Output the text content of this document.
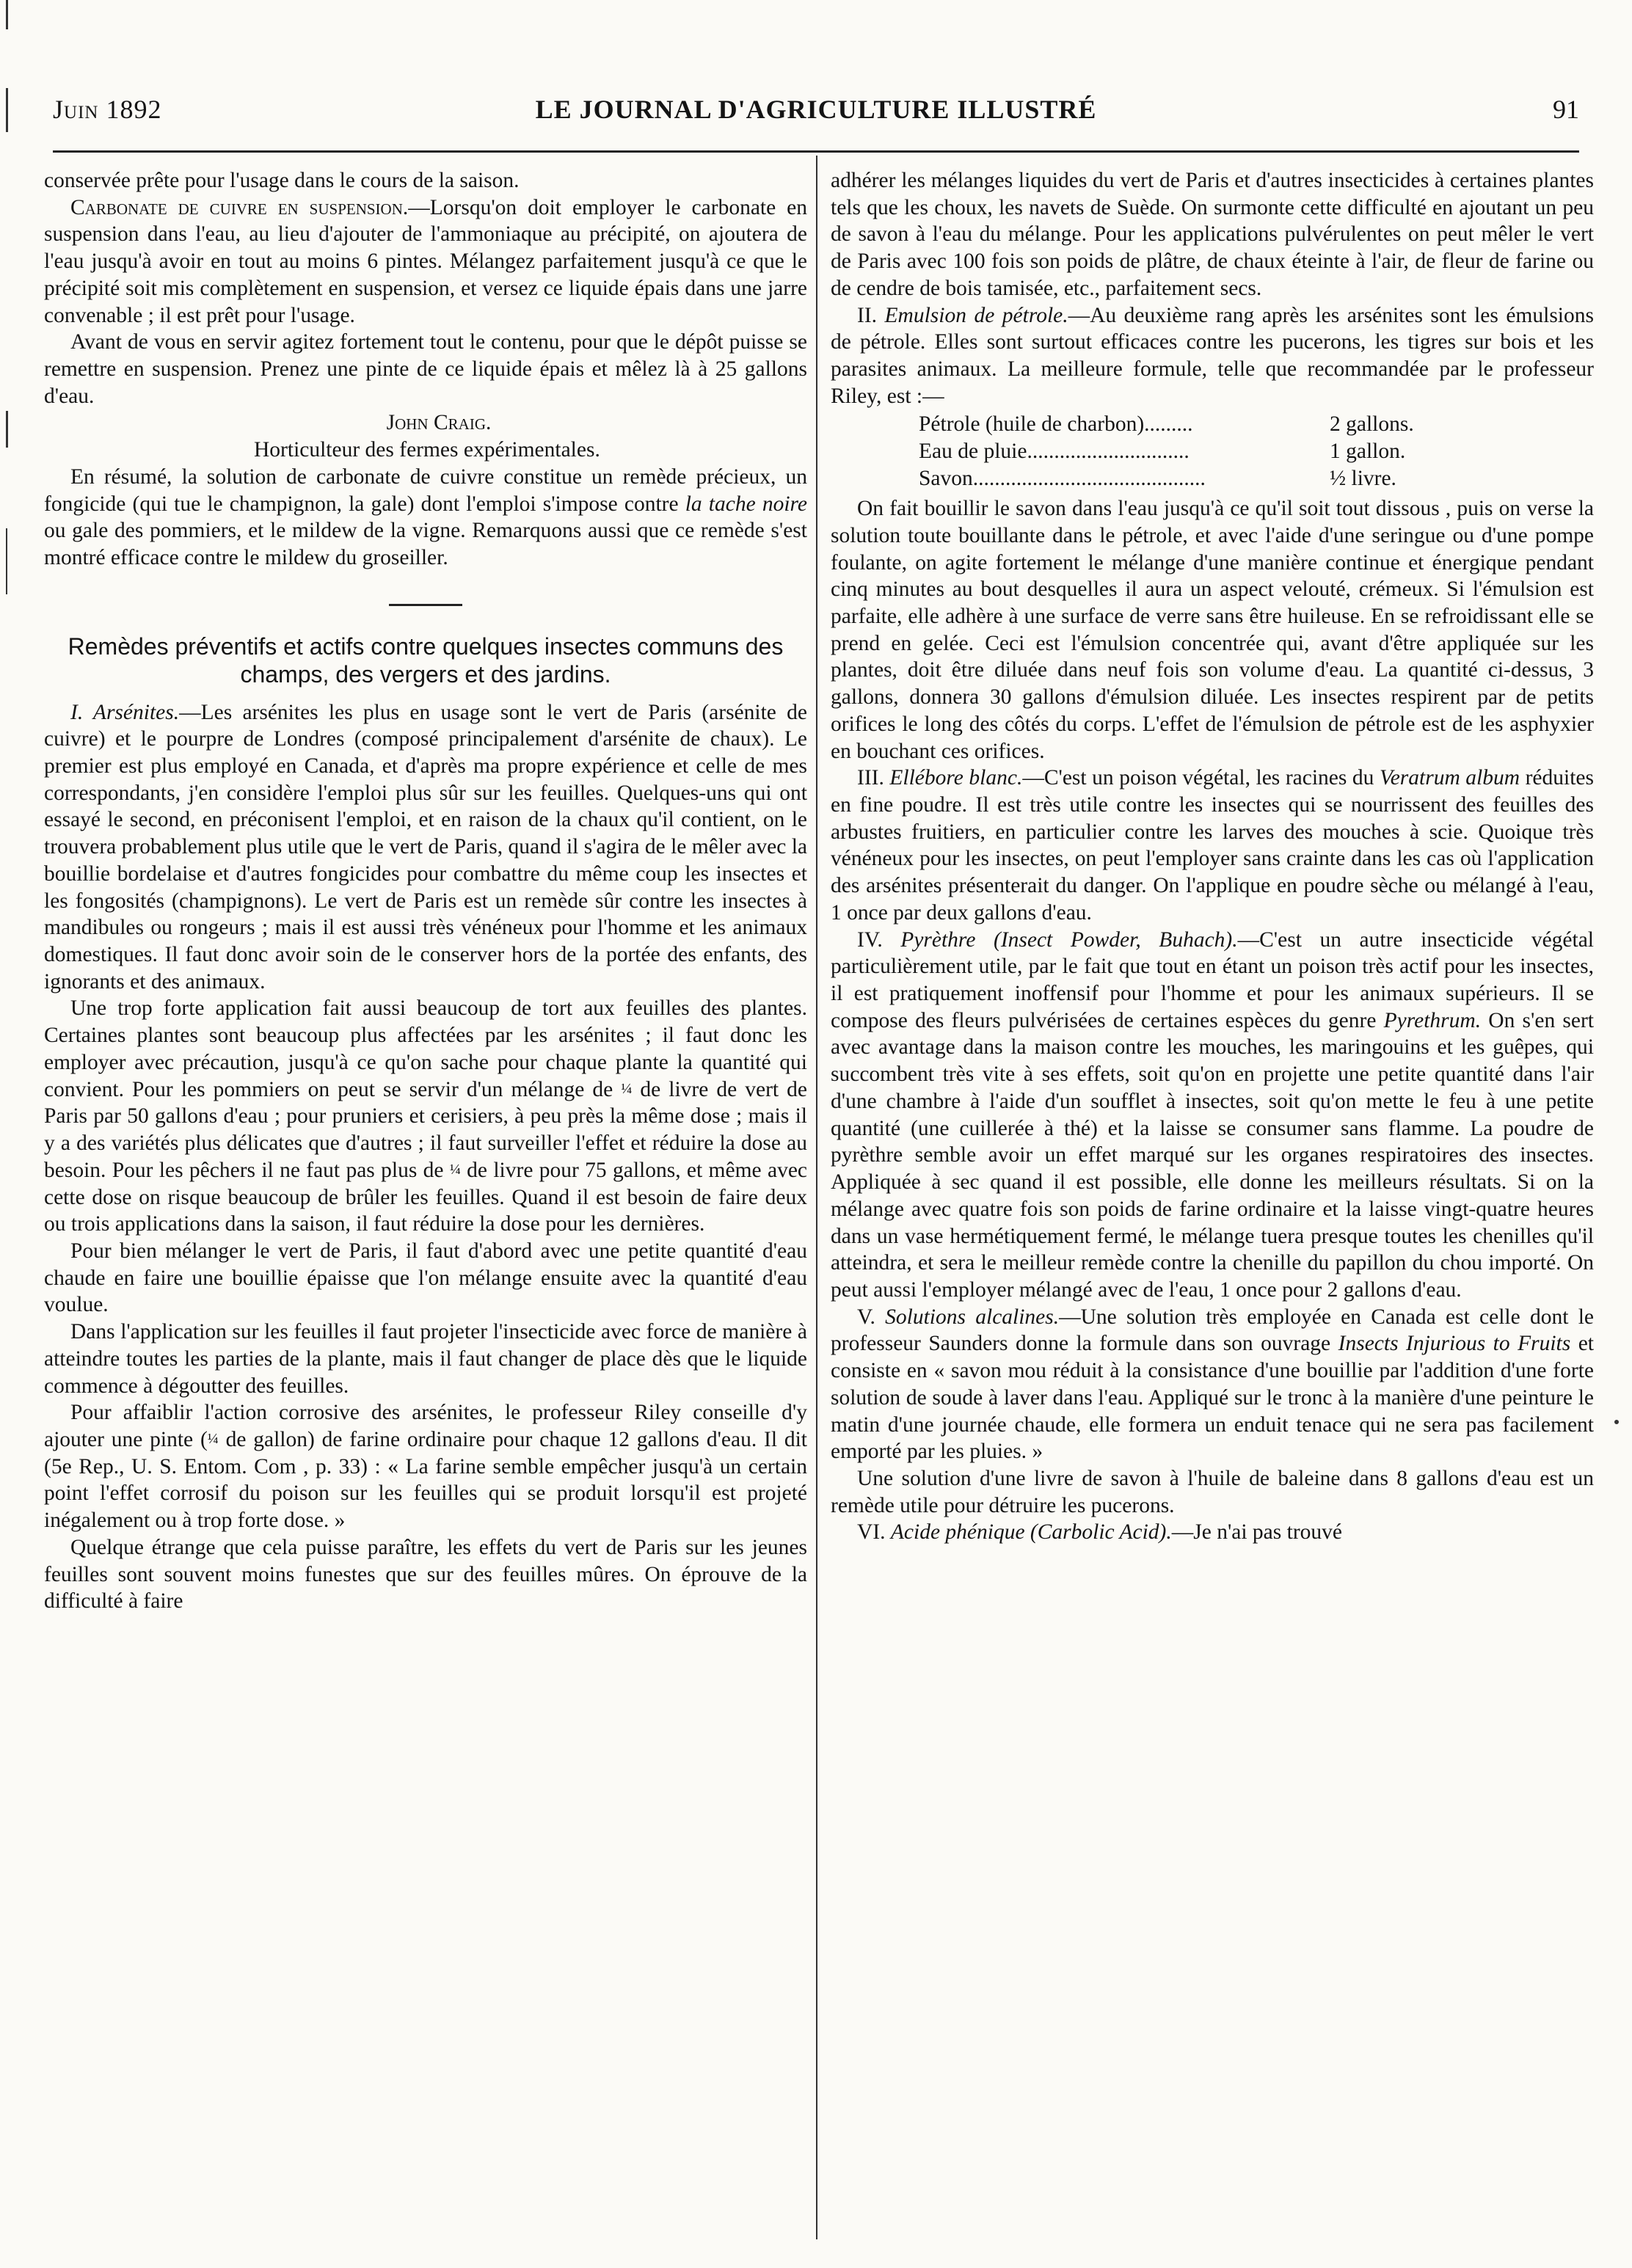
Juin 1892	LE JOURNAL D'AGRICULTURE ILLUSTRÉ	91

conservée prête pour l'usage dans le cours de la saison.

Carbonate de cuivre en suspension.—Lorsqu'on doit employer le carbonate en suspension dans l'eau, au lieu d'ajouter de l'ammoniaque au précipité, on ajoutera de l'eau jusqu'à avoir en tout au moins 6 pintes. Mélangez parfaitement jusqu'à ce que le précipité soit mis complètement en suspension, et versez ce liquide épais dans une jarre convenable ; il est prêt pour l'usage.

Avant de vous en servir agitez fortement tout le contenu, pour que le dépôt puisse se remettre en suspension. Prenez une pinte de ce liquide épais et mêlez là à 25 gallons d'eau.

John Craig.

Horticulteur des fermes expérimentales.

En résumé, la solution de carbonate de cuivre constitue un remède précieux, un fongicide (qui tue le champignon, la gale) dont l'emploi s'impose contre la tache noire ou gale des pommiers, et le mildew de la vigne. Remarquons aussi que ce remède s'est montré efficace contre le mildew du groseiller.

Remèdes préventifs et actifs contre quelques insectes communs des champs, des vergers et des jardins.

I. Arsénites.—Les arsénites les plus en usage sont le vert de Paris (arsénite de cuivre) et le pourpre de Londres (composé principalement d'arsénite de chaux). Le premier est plus employé en Canada, et d'après ma propre expérience et celle de mes correspondants, j'en considère l'emploi plus sûr sur les feuilles. Quelques-uns qui ont essayé le second, en préconisent l'emploi, et en raison de la chaux qu'il contient, on le trouvera probablement plus utile que le vert de Paris, quand il s'agira de le mêler avec la bouillie bordelaise et d'autres fongicides pour combattre du même coup les insectes et les fongosités (champignons). Le vert de Paris est un remède sûr contre les insectes à mandibules ou rongeurs ; mais il est aussi très vénéneux pour l'homme et les animaux domestiques. Il faut donc avoir soin de le conserver hors de la portée des enfants, des ignorants et des animaux.

Une trop forte application fait aussi beaucoup de tort aux feuilles des plantes. Certaines plantes sont beaucoup plus affectées par les arsénites ; il faut donc les employer avec précaution, jusqu'à ce qu'on sache pour chaque plante la quantité qui convient. Pour les pommiers on peut se servir d'un mélange de ¼ de livre de vert de Paris par 50 gallons d'eau ; pour pruniers et cerisiers, à peu près la même dose ; mais il y a des variétés plus délicates que d'autres ; il faut surveiller l'effet et réduire la dose au besoin. Pour les pêchers il ne faut pas plus de ¼ de livre pour 75 gallons, et même avec cette dose on risque beaucoup de brûler les feuilles. Quand il est besoin de faire deux ou trois applications dans la saison, il faut réduire la dose pour les dernières.

Pour bien mélanger le vert de Paris, il faut d'abord avec une petite quantité d'eau chaude en faire une bouillie épaisse que l'on mélange ensuite avec la quantité d'eau voulue.

Dans l'application sur les feuilles il faut projeter l'insecticide avec force de manière à atteindre toutes les parties de la plante, mais il faut changer de place dès que le liquide commence à dégoutter des feuilles.

Pour affaiblir l'action corrosive des arsénites, le professeur Riley conseille d'y ajouter une pinte (¼ de gallon) de farine ordinaire pour chaque 12 gallons d'eau. Il dit (5e Rep., U. S. Entom. Com , p. 33) : « La farine semble empêcher jusqu'à un certain point l'effet corrosif du poison sur les feuilles qui se produit lorsqu'il est projeté inégalement ou à trop forte dose. »

Quelque étrange que cela puisse paraître, les effets du vert de Paris sur les jeunes feuilles sont souvent moins funestes que sur des feuilles mûres. On éprouve de la difficulté à faire

adhérer les mélanges liquides du vert de Paris et d'autres insecticides à certaines plantes tels que les choux, les navets de Suède. On surmonte cette difficulté en ajoutant un peu de savon à l'eau du mélange. Pour les applications pulvérulentes on peut mêler le vert de Paris avec 100 fois son poids de plâtre, de chaux éteinte à l'air, de fleur de farine ou de cendre de bois tamisée, etc., parfaitement secs.

II. Emulsion de pétrole.—Au deuxième rang après les arsénites sont les émulsions de pétrole. Elles sont surtout efficaces contre les pucerons, les tigres sur bois et les parasites animaux. La meilleure formule, telle que recommandée par le professeur Riley, est :—

Pétrole (huile de charbon).........	2 gallons.
Eau de pluie..............................	1 gallon.
Savon...........................................	½ livre.

On fait bouillir le savon dans l'eau jusqu'à ce qu'il soit tout dissous , puis on verse la solution toute bouillante dans le pétrole, et avec l'aide d'une seringue ou d'une pompe foulante, on agite fortement le mélange d'une manière continue et énergique pendant cinq minutes au bout desquelles il aura un aspect velouté, crémeux. Si l'émulsion est parfaite, elle adhère à une surface de verre sans être huileuse. En se refroidissant elle se prend en gelée. Ceci est l'émulsion concentrée qui, avant d'être appliquée sur les plantes, doit être diluée dans neuf fois son volume d'eau. La quantité ci-dessus, 3 gallons, donnera 30 gallons d'émulsion diluée. Les insectes respirent par de petits orifices le long des côtés du corps. L'effet de l'émulsion de pétrole est de les asphyxier en bouchant ces orifices.

III. Ellébore blanc.—C'est un poison végétal, les racines du Veratrum album réduites en fine poudre. Il est très utile contre les insectes qui se nourrissent des feuilles des arbustes fruitiers, en particulier contre les larves des mouches à scie. Quoique très vénéneux pour les insectes, on peut l'employer sans crainte dans les cas où l'application des arsénites présenterait du danger. On l'applique en poudre sèche ou mélangé à l'eau, 1 once par deux gallons d'eau.

IV. Pyrèthre (Insect Powder, Buhach).—C'est un autre insecticide végétal particulièrement utile, par le fait que tout en étant un poison très actif pour les insectes, il est pratiquement inoffensif pour l'homme et pour les animaux supérieurs. Il se compose des fleurs pulvérisées de certaines espèces du genre Pyrethrum. On s'en sert avec avantage dans la maison contre les mouches, les maringouins et les guêpes, qui succombent très vite à ses effets, soit qu'on en projette une petite quantité dans l'air d'une chambre à l'aide d'un soufflet à insectes, soit qu'on mette le feu à une petite quantité (une cuillerée à thé) et la laisse se consumer sans flamme. La poudre de pyrèthre semble avoir un effet marqué sur les organes respiratoires des insectes. Appliquée à sec quand il est possible, elle donne les meilleurs résultats. Si on la mélange avec quatre fois son poids de farine ordinaire et la laisse vingt-quatre heures dans un vase hermétiquement fermé, le mélange tuera presque toutes les chenilles qu'il atteindra, et sera le meilleur remède contre la chenille du papillon du chou importé. On peut aussi l'employer mélangé avec de l'eau, 1 once pour 2 gallons d'eau.

V. Solutions alcalines.—Une solution très employée en Canada est celle dont le professeur Saunders donne la formule dans son ouvrage Insects Injurious to Fruits et consiste en « savon mou réduit à la consistance d'une bouillie par l'addition d'une forte solution de soude à laver dans l'eau. Appliqué sur le tronc à la manière d'une peinture le matin d'une journée chaude, elle formera un enduit tenace qui ne sera pas facilement emporté par les pluies. »

Une solution d'une livre de savon à l'huile de baleine dans 8 gallons d'eau est un remède utile pour détruire les pucerons.

VI. Acide phénique (Carbolic Acid).—Je n'ai pas trouvé
